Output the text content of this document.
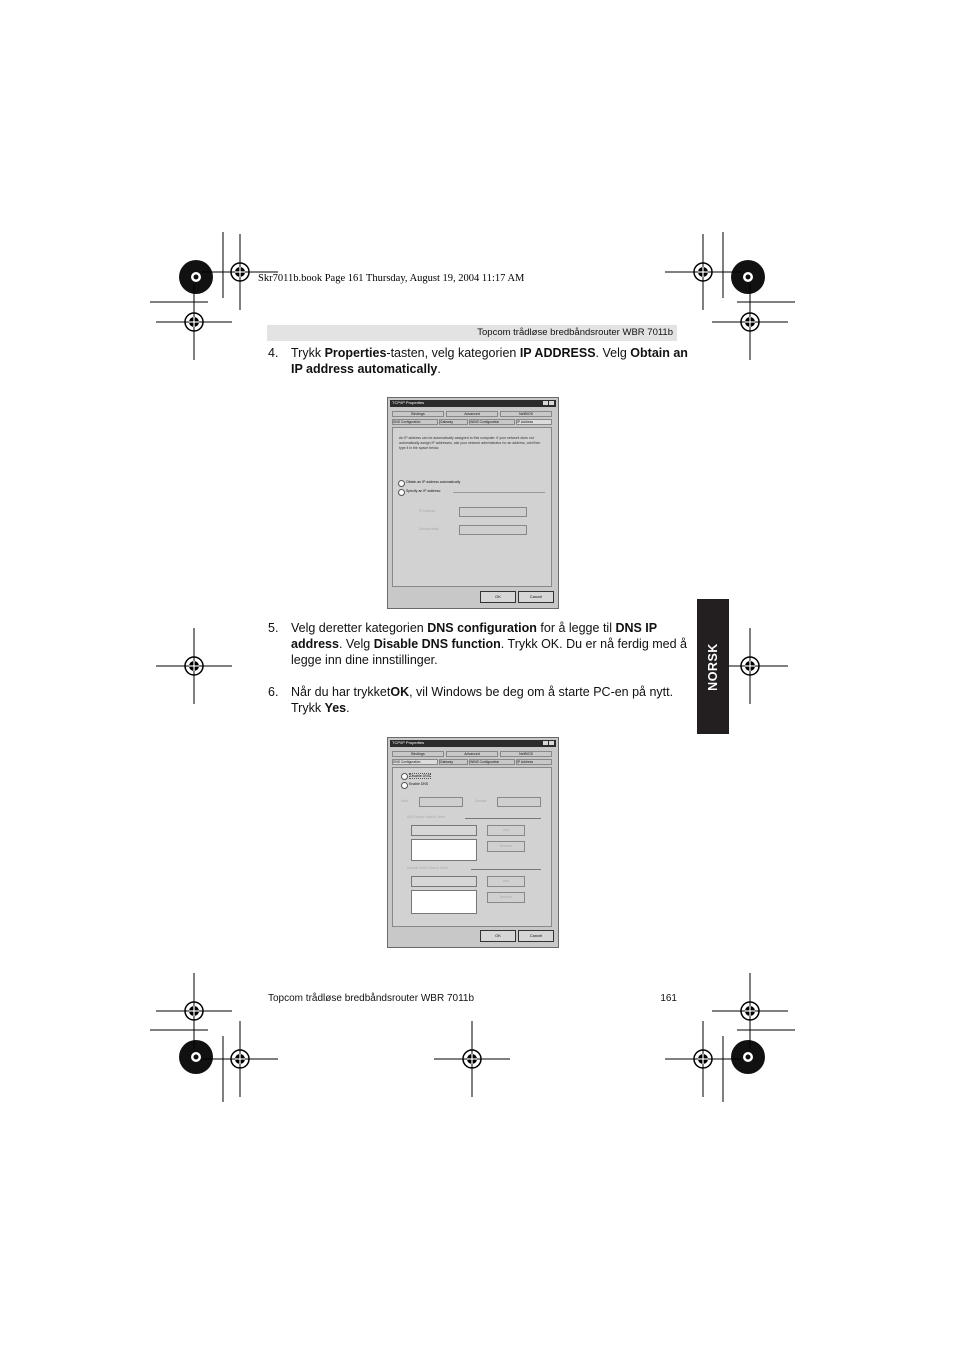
Skr7011b.book Page 161 Thursday, August 19, 2004 11:17 AM
Topcom trådløse bredbåndsrouter WBR 7011b
4. Trykk Properties-tasten, velg kategorien IP ADDRESS. Velg Obtain an IP address automatically.
TCP/IP Properties
Bindings	Advanced	NetBIOS
DNS Configuration	Gateway	WINS Configuration	IP Address
An IP address can be automatically assigned to this computer. If your network does not automatically assign IP addresses, ask your network administrator for an address, and then type it in the space below.
Obtain an IP address automatically
Specify an IP address:
IP Address:
Subnet Mask:
OK	Cancel
5. Velg deretter kategorien DNS configuration for å legge til DNS IP address. Velg Disable DNS function. Trykk OK. Du er nå ferdig med å legge inn dine innstillinger.
6. Når du har trykketOK, vil Windows be deg om å starte PC-en på nytt. Trykk Yes.
NORSK
TCP/IP Properties
Bindings	Advanced	NetBIOS
DNS Configuration	Gateway	WINS Configuration	IP Address
Disable DNS
Enable DNS
Host:	Domain:
DNS Server Search Order
Add
Remove
Domain Suffix Search Order
Add
Remove
OK	Cancel
Topcom trådløse bredbåndsrouter WBR 7011b	161
